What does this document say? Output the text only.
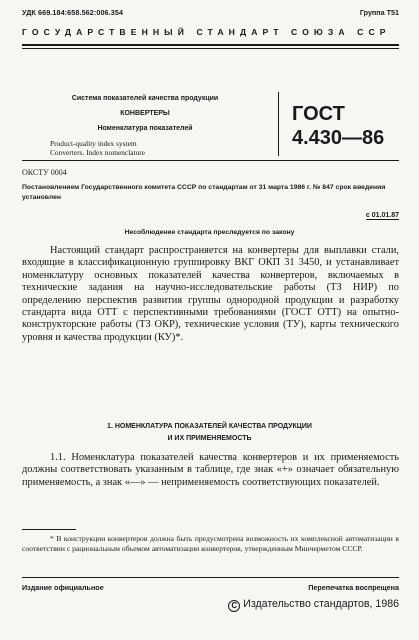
УДК 669.184:658.562:006.354	Группа Т51
ГОСУДАРСТВЕННЫЙ СТАНДАРТ СОЮЗА ССР
Система показателей качества продукции
КОНВЕРТЕРЫ
Номенклатура показателей
Product-quality index system
Converters. Index nomenclature
ГОСТ
4.430—86
ОКСТУ 0004
Постановлением Государственного комитета СССР по стандартам от 31 марта 1986 г. № 847 срок введения установлен
с 01.01.87
Несоблюдение стандарта преследуется по закону
Настоящий стандарт распространяется на конвертеры для выплавки стали, входящие в классификационную группировку ВКГ ОКП 31 3450, и устанавливает номенклатуру основных показателей качества конвертеров, включаемых в технические задания на научно-исследовательские работы (ТЗ НИР) по определению перспектив развития группы однородной продукции и разработку стандарта вида ОТТ с перспективными требованиями (ГОСТ ОТТ) на опытно-конструкторские работы (ТЗ ОКР), технические условия (ТУ), карты технического уровня и качества продукции (КУ)*.
1. НОМЕНКЛАТУРА ПОКАЗАТЕЛЕЙ КАЧЕСТВА ПРОДУКЦИИ
И ИХ ПРИМЕНЯЕМОСТЬ
1.1. Номенклатура показателей качества конвертеров и их применяемость должны соответствовать указанным в таблице, где знак «+» означает обязательную применяемость, а знак «—» — неприменяемость соответствующих показателей.
* В конструкции конвертеров должна быть предусмотрена возможность их комплексной автоматизации в соответствии с рациональным объемом автоматизации конвертеров, утвержденным Минчерметом СССР.
Издание официальное	Перепечатка воспрещена
C Издательство стандартов, 1986
